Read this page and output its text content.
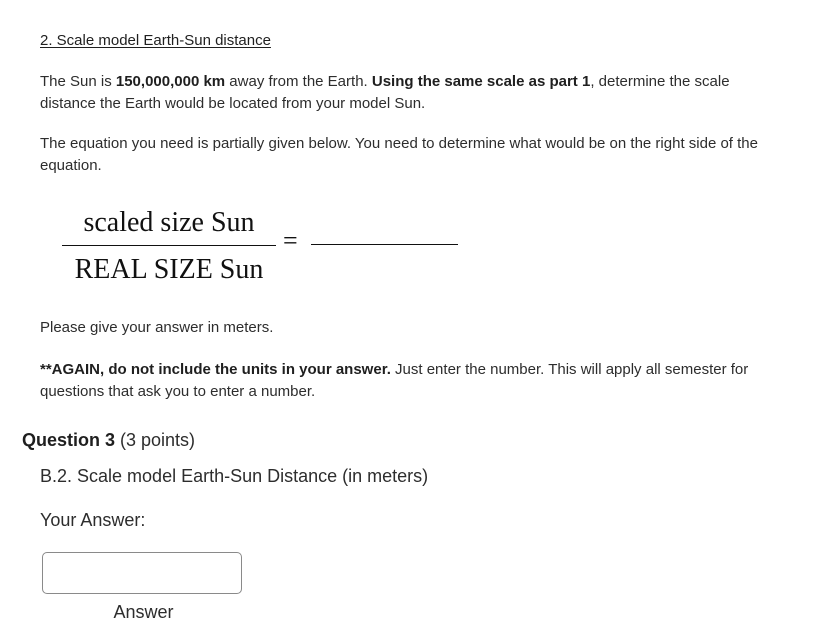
2. Scale model Earth-Sun distance
The Sun is 150,000,000 km away from the Earth. Using the same scale as part 1, determine the scale distance the Earth would be located from your model Sun.
The equation you need is partially given below. You need to determine what would be on the right side of the equation.
scaled size Sun
REAL SIZE Sun
=
Please give your answer in meters.
**AGAIN, do not include the units in your answer. Just enter the number. This will apply all semester for questions that ask you to enter a number.
Question 3 (3 points)
B.2. Scale model Earth-Sun Distance (in meters)
Your Answer:
Answer
